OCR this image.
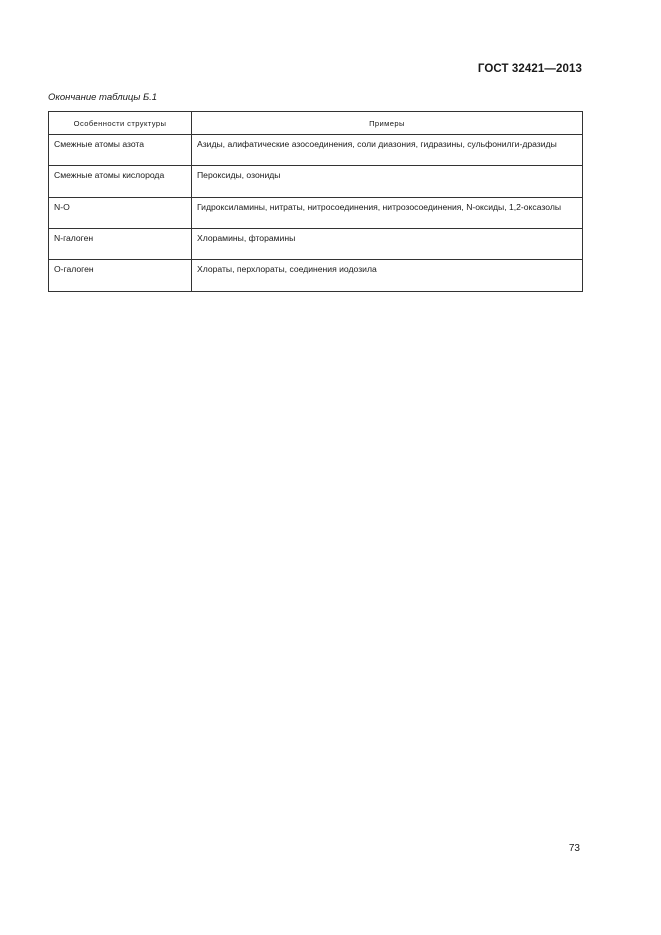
ГОСТ 32421—2013
Окончание таблицы Б.1
Особенности структуры	Примеры
Смежные атомы азота	Азиды, алифатические азосоединения, соли диазония, гидразины, сульфонилги-дразиды
Смежные атомы кислорода	Пероксиды, озониды
N-O	Гидроксиламины, нитраты, нитросоединения, нитрозосоединения, N-оксиды, 1,2-оксазолы
N-галоген	Хлорамины, фторамины
O-галоген	Хлораты, перхлораты, соединения иодозила
73
